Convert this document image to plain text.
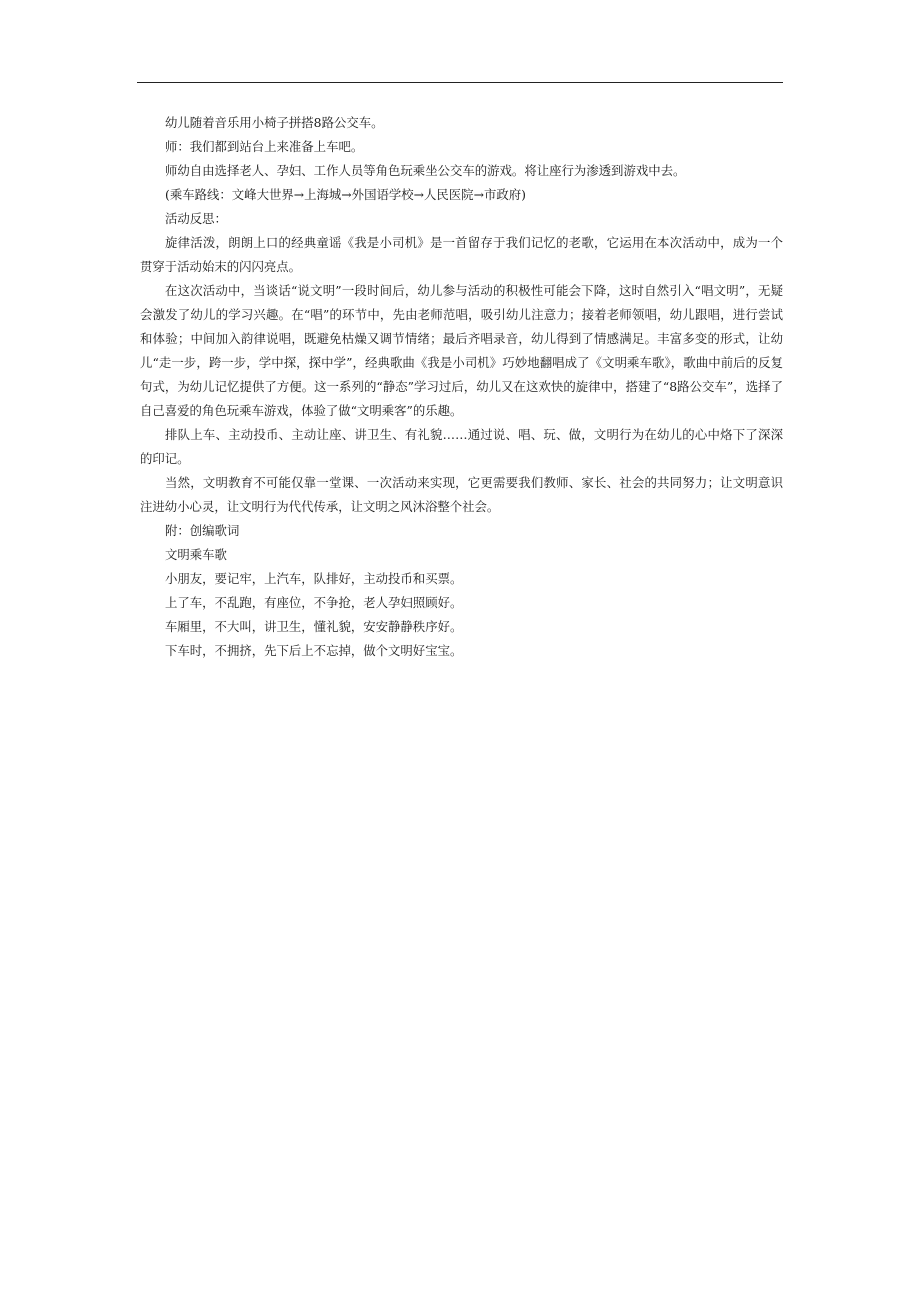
幼儿随着音乐用小椅子拼搭8路公交车。

师：我们都到站台上来准备上车吧。

师幼自由选择老人、孕妇、工作人员等角色玩乘坐公交车的游戏。将让座行为渗透到游戏中去。

(乘车路线：文峰大世界→上海城→外国语学校→人民医院→市政府)

活动反思：

旋律活泼，朗朗上口的经典童谣《我是小司机》是一首留存于我们记忆的老歌，它运用在本次活动中，成为一个贯穿于活动始末的闪闪亮点。

在这次活动中，当谈话“说文明”一段时间后，幼儿参与活动的积极性可能会下降，这时自然引入“唱文明”，无疑会激发了幼儿的学习兴趣。在“唱”的环节中，先由老师范唱，吸引幼儿注意力；接着老师领唱，幼儿跟唱，进行尝试和体验；中间加入韵律说唱，既避免枯燥又调节情绪；最后齐唱录音，幼儿得到了情感满足。丰富多变的形式，让幼儿“走一步，跨一步，学中探，探中学”，经典歌曲《我是小司机》巧妙地翻唱成了《文明乘车歌》，歌曲中前后的反复句式，为幼儿记忆提供了方便。这一系列的“静态”学习过后，幼儿又在这欢快的旋律中，搭建了“8路公交车”，选择了自己喜爱的角色玩乘车游戏，体验了做“文明乘客”的乐趣。

排队上车、主动投币、主动让座、讲卫生、有礼貌……通过说、唱、玩、做，文明行为在幼儿的心中烙下了深深的印记。

当然，文明教育不可能仅靠一堂课、一次活动来实现，它更需要我们教师、家长、社会的共同努力；让文明意识注进幼小心灵，让文明行为代代传承，让文明之风沐浴整个社会。

附：创编歌词

文明乘车歌

小朋友，要记牢，上汽车，队排好，主动投币和买票。

上了车，不乱跑，有座位，不争抢，老人孕妇照顾好。

车厢里，不大叫，讲卫生，懂礼貌，安安静静秩序好。

下车时，不拥挤，先下后上不忘掉，做个文明好宝宝。
